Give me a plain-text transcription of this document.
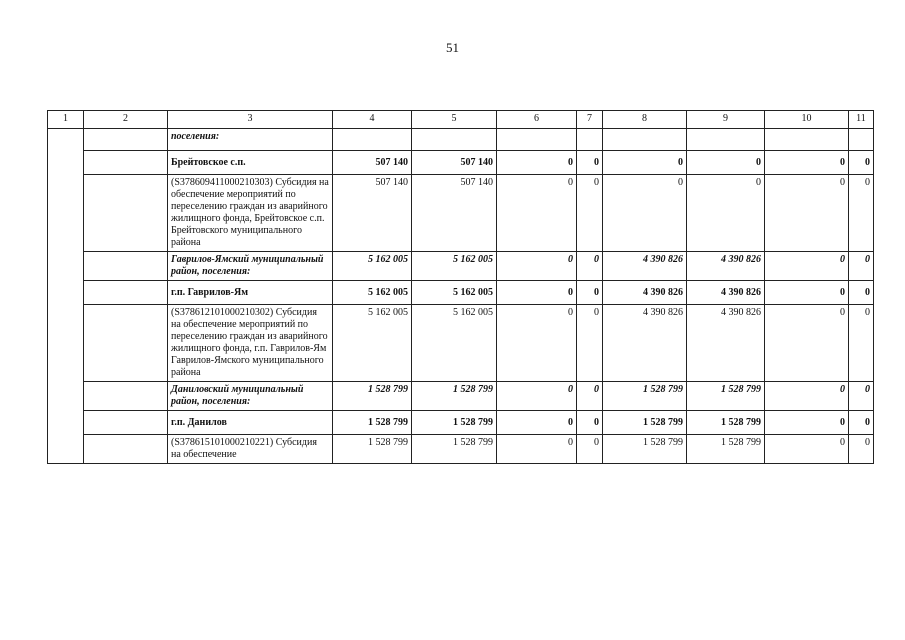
51
1	2	3	4	5	6	7	8	9	10	11
		поселения:								
		Брейтовское с.п.	507 140	507 140	0	0	0	0	0	0
		(S378609411000210303) Субсидия на обеспечение мероприятий по переселению граждан из аварийного жилищного фонда, Брейтовское с.п. Брейтовского муниципального района	507 140	507 140	0	0	0	0	0	0
		Гаврилов-Ямский муниципальный район, поселения:	5 162 005	5 162 005	0	0	4 390 826	4 390 826	0	0
		г.п. Гаврилов-Ям	5 162 005	5 162 005	0	0	4 390 826	4 390 826	0	0
		(S378612101000210302) Субсидия на обеспечение мероприятий по переселению граждан из аварийного жилищного фонда, г.п. Гаврилов-Ям Гаврилов-Ямского муниципального района	5 162 005	5 162 005	0	0	4 390 826	4 390 826	0	0
		Даниловский муниципальный район, поселения:	1 528 799	1 528 799	0	0	1 528 799	1 528 799	0	0
		г.п. Данилов	1 528 799	1 528 799	0	0	1 528 799	1 528 799	0	0
		(S378615101000210221) Субсидия на обеспечение	1 528 799	1 528 799	0	0	1 528 799	1 528 799	0	0
